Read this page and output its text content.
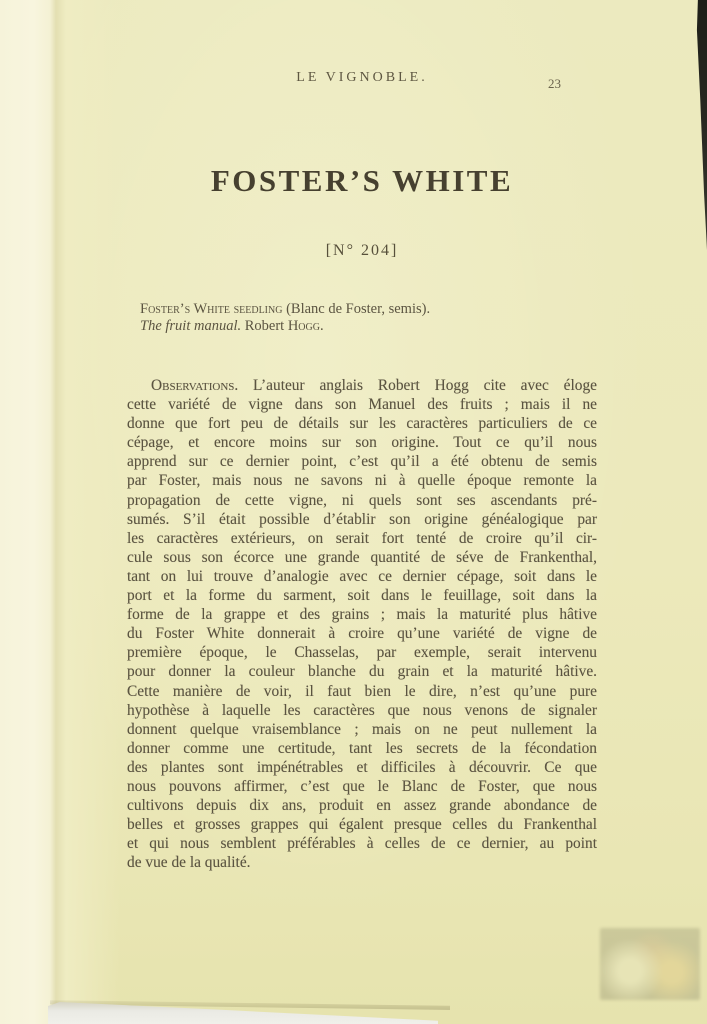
LE VIGNOBLE.	23
FOSTER’S WHITE
[N° 204]
Foster’s White seedling (Blanc de Foster, semis).
The fruit manual. Robert Hogg.
Observations. L’auteur anglais Robert Hogg cite avec éloge
cette variété de vigne dans son Manuel des fruits ; mais il ne
donne que fort peu de détails sur les caractères particuliers de ce
cépage, et encore moins sur son origine. Tout ce qu’il nous
apprend sur ce dernier point, c’est qu’il a été obtenu de semis
par Foster, mais nous ne savons ni à quelle époque remonte la
propagation de cette vigne, ni quels sont ses ascendants pré-
sumés. S’il était possible d’établir son origine généalogique par
les caractères extérieurs, on serait fort tenté de croire qu’il cir-
cule sous son écorce une grande quantité de séve de Frankenthal,
tant on lui trouve d’analogie avec ce dernier cépage, soit dans le
port et la forme du sarment, soit dans le feuillage, soit dans la
forme de la grappe et des grains ; mais la maturité plus hâtive
du Foster White donnerait à croire qu’une variété de vigne de
première époque, le Chasselas, par exemple, serait intervenu
pour donner la couleur blanche du grain et la maturité hâtive.
Cette manière de voir, il faut bien le dire, n’est qu’une pure
hypothèse à laquelle les caractères que nous venons de signaler
donnent quelque vraisemblance ; mais on ne peut nullement la
donner comme une certitude, tant les secrets de la fécondation
des plantes sont impénétrables et difficiles à découvrir. Ce que
nous pouvons affirmer, c’est que le Blanc de Foster, que nous
cultivons depuis dix ans, produit en assez grande abondance de
belles et grosses grappes qui égalent presque celles du Frankenthal
et qui nous semblent préférables à celles de ce dernier, au point
de vue de la qualité.
